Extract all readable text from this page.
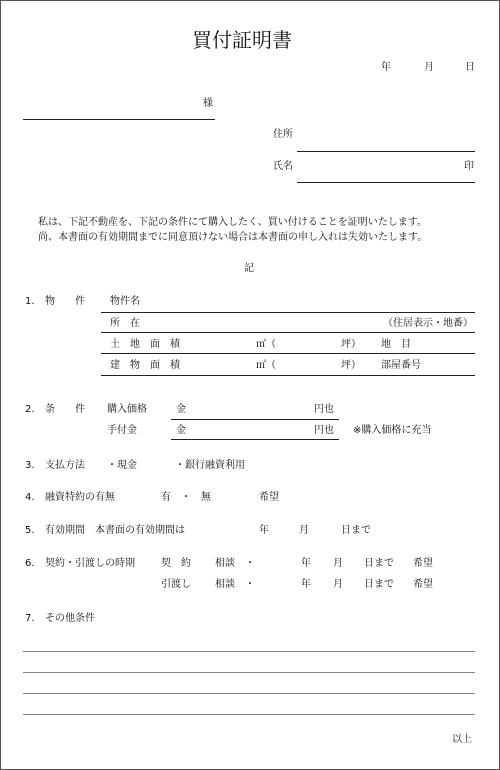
買付証明書
年	月	日
様
住所
氏名	印
私は、下記不動産を、下記の条件にて購入したく、買い付けることを証明いたします。
尚、本書面の有効期間までに同意頂けない場合は本書面の申し入れは失効いたします。
記
1． 物　　件	物件名
所　在	（住居表示・地番）
土　地　面　積	㎡（	坪） 地　目
建　物　面　積	㎡（	坪） 部屋番号
2． 条　　件 購入価格	金	円也
手付金	金	円也 ※購入価格に充当
3． 支払方法 ・現金	・銀行融資利用
4． 融資特約の有無	有　・　無	希望
5． 有効期間 本書面の有効期間は	年	月	日まで
6． 契約・引渡しの時期	契　約 相談　・	年 月 日まで 希望
引渡し 相談　・	年 月 日まで 希望
7． その他条件
以上
